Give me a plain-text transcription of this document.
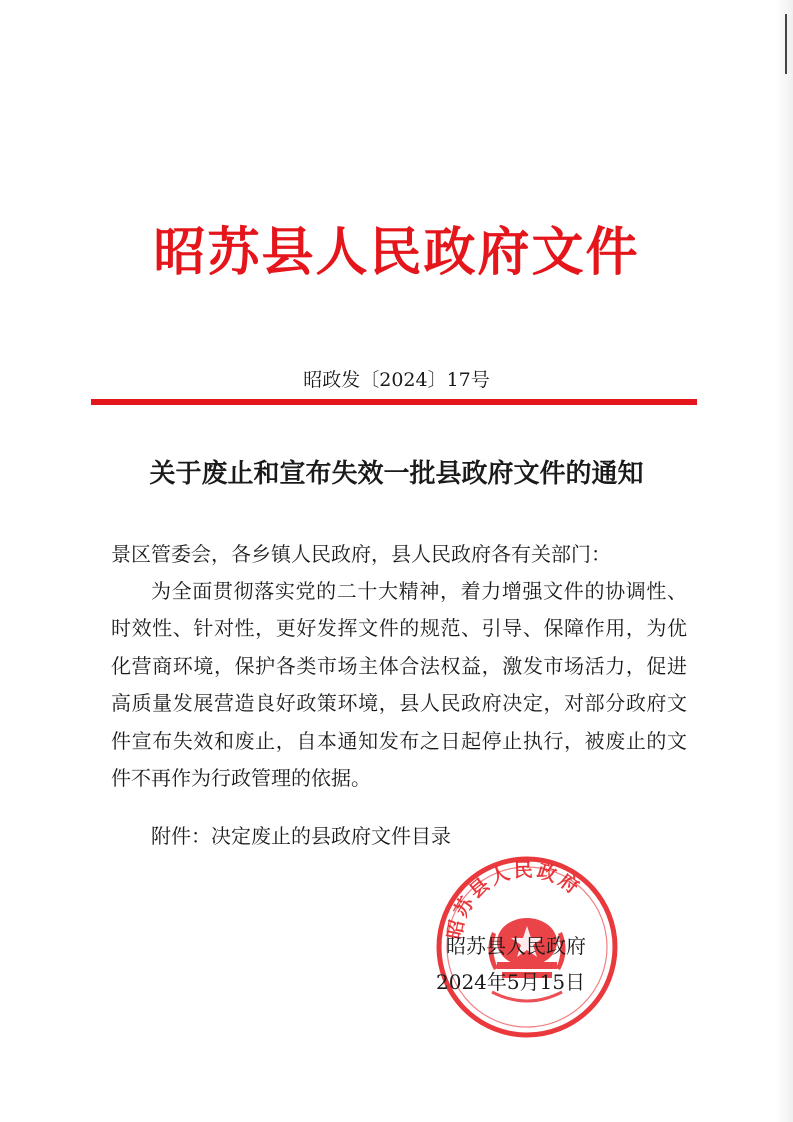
昭苏县人民政府文件
昭政发〔2024〕17号
关于废止和宣布失效一批县政府文件的通知
景区管委会，各乡镇人民政府，县人民政府各有关部门：
为全面贯彻落实党的二十大精神，着力增强文件的协调性、时效性、针对性，更好发挥文件的规范、引导、保障作用，为优化营商环境，保护各类市场主体合法权益，激发市场活力，促进高质量发展营造良好政策环境，县人民政府决定，对部分政府文件宣布失效和废止，自本通知发布之日起停止执行，被废止的文件不再作为行政管理的依据。
附件：决定废止的县政府文件目录
昭苏县人民政府
昭苏县人民政府
2024年5月15日
